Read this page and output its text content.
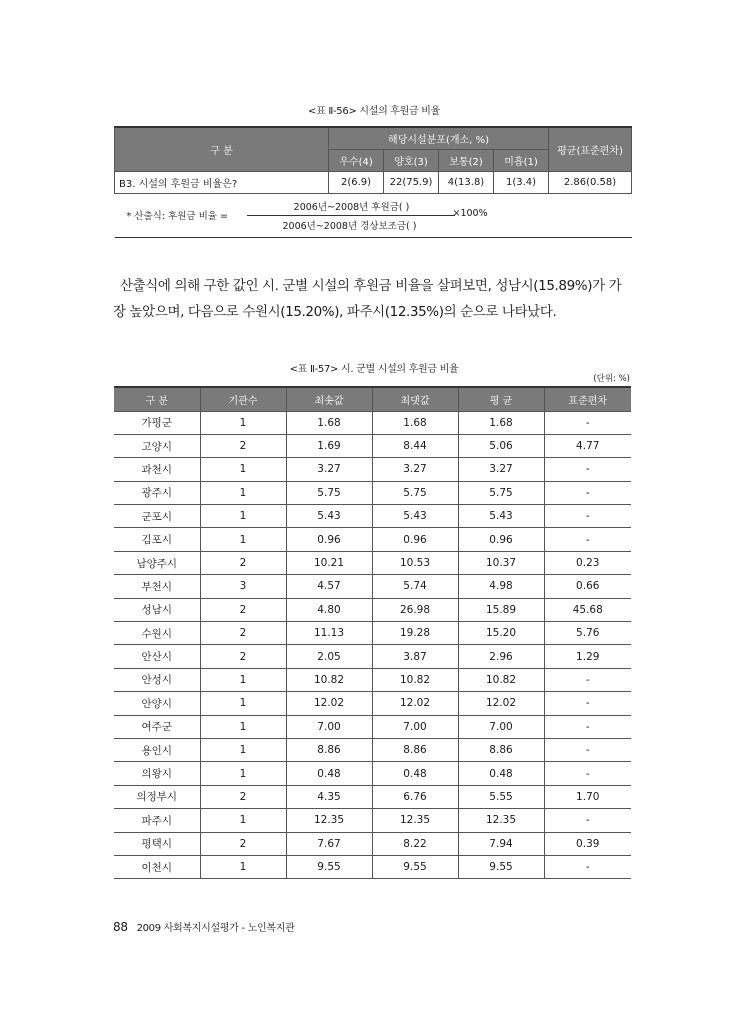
<표 Ⅱ-56> 시설의 후원금 비율
구 분	해당시설분포(개소, %)				평균(표준편차)
	우수(4)	양호(3)	보통(2)	미흡(1)	
B3. 시설의 후원금 비율은?	2(6.9)	22(75.9)	4(13.8)	1(3.4)	2.86(0.58)

* 산출식: 후원금 비율 =
2006년~2008년 후원금( )
2006년~2008년 경상보조금( )
×100%					
산출식에 의해 구한 값인 시. 군별 시설의 후원금 비율을 살펴보면, 성남시(15.89%)가 가
장 높았으며, 다음으로 수원시(15.20%), 파주시(12.35%)의 순으로 나타났다.
<표 Ⅱ-57> 시. 군별 시설의 후원금 비율
(단위: %)
구 분	기관수	최솟값	최댓값	평 균	표준편차
가평군	1	1.68	1.68	1.68	-
고양시	2	1.69	8.44	5.06	4.77
과천시	1	3.27	3.27	3.27	-
광주시	1	5.75	5.75	5.75	-
군포시	1	5.43	5.43	5.43	-
김포시	1	0.96	0.96	0.96	-
남양주시	2	10.21	10.53	10.37	0.23
부천시	3	4.57	5.74	4.98	0.66
성남시	2	4.80	26.98	15.89	45.68
수원시	2	11.13	19.28	15.20	5.76
안산시	2	2.05	3.87	2.96	1.29
안성시	1	10.82	10.82	10.82	-
안양시	1	12.02	12.02	12.02	-
여주군	1	7.00	7.00	7.00	-
용인시	1	8.86	8.86	8.86	-
의왕시	1	0.48	0.48	0.48	-
의정부시	2	4.35	6.76	5.55	1.70
파주시	1	12.35	12.35	12.35	-
평택시	2	7.67	8.22	7.94	0.39
이천시	1	9.55	9.55	9.55	-
88 2009 사회복지시설평가 - 노인복지관
